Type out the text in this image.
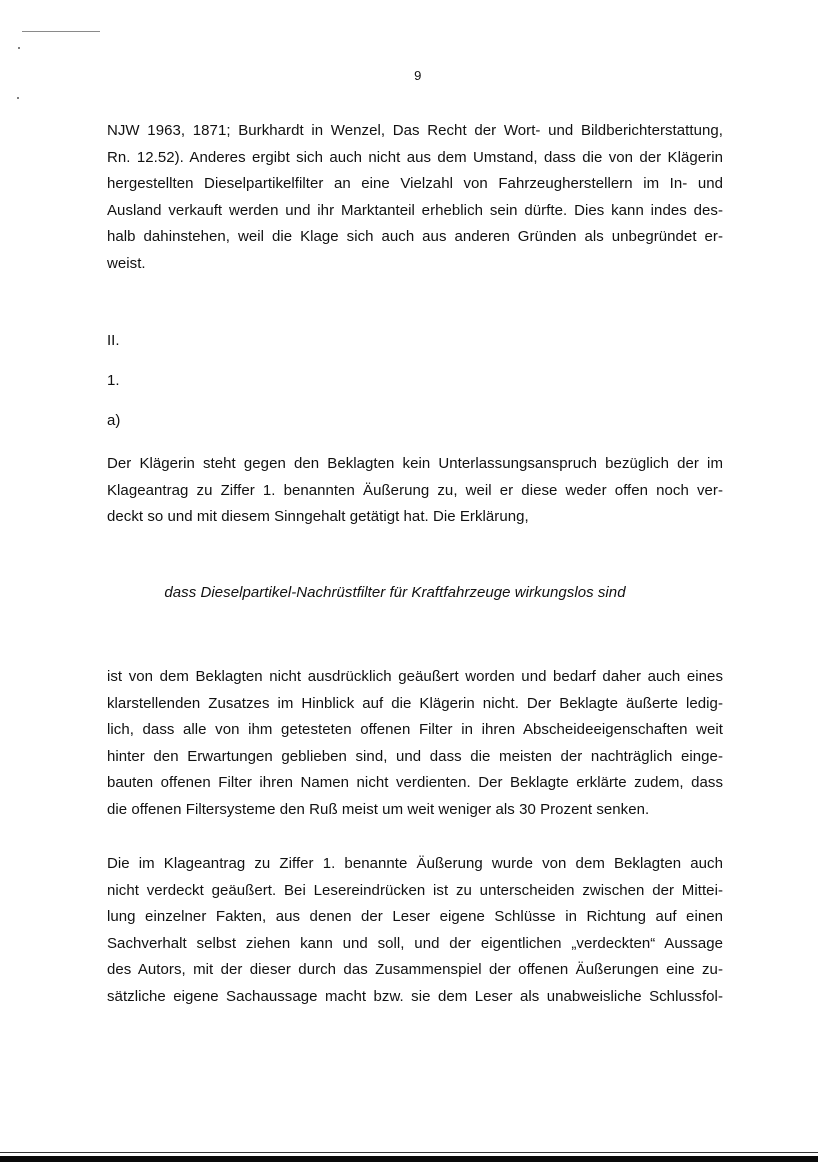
9
NJW 1963, 1871; Burkhardt in Wenzel, Das Recht der Wort- und Bildberichterstattung,
Rn. 12.52). Anderes ergibt sich auch nicht aus dem Umstand, dass die von der Klägerin
hergestellten Dieselpartikelfilter an eine Vielzahl von Fahrzeugherstellern im In- und
Ausland verkauft werden und ihr Marktanteil erheblich sein dürfte. Dies kann indes des-
halb dahinstehen, weil die Klage sich auch aus anderen Gründen als unbegründet er-
weist.
II.
1.
a)
Der Klägerin steht gegen den Beklagten kein Unterlassungsanspruch bezüglich der im
Klageantrag zu Ziffer 1. benannten Äußerung zu, weil er diese weder offen noch ver-
deckt so und mit diesem Sinngehalt getätigt hat. Die Erklärung,
dass Dieselpartikel-Nachrüstfilter für Kraftfahrzeuge wirkungslos sind
ist von dem Beklagten nicht ausdrücklich geäußert worden und bedarf daher auch eines
klarstellenden Zusatzes im Hinblick auf die Klägerin nicht. Der Beklagte äußerte ledig-
lich, dass alle von ihm getesteten offenen Filter in ihren Abscheideeigenschaften weit
hinter den Erwartungen geblieben sind, und dass die meisten der nachträglich einge-
bauten offenen Filter ihren Namen nicht verdienten. Der Beklagte erklärte zudem, dass
die offenen Filtersysteme den Ruß meist um weit weniger als 30 Prozent senken.
Die im Klageantrag zu Ziffer 1. benannte Äußerung wurde von dem Beklagten auch
nicht verdeckt geäußert. Bei Lesereindrücken ist zu unterscheiden zwischen der Mittei-
lung einzelner Fakten, aus denen der Leser eigene Schlüsse in Richtung auf einen
Sachverhalt selbst ziehen kann und soll, und der eigentlichen „verdeckten“ Aussage
des Autors, mit der dieser durch das Zusammenspiel der offenen Äußerungen eine zu-
sätzliche eigene Sachaussage macht bzw. sie dem Leser als unabweisliche Schlussfol-
